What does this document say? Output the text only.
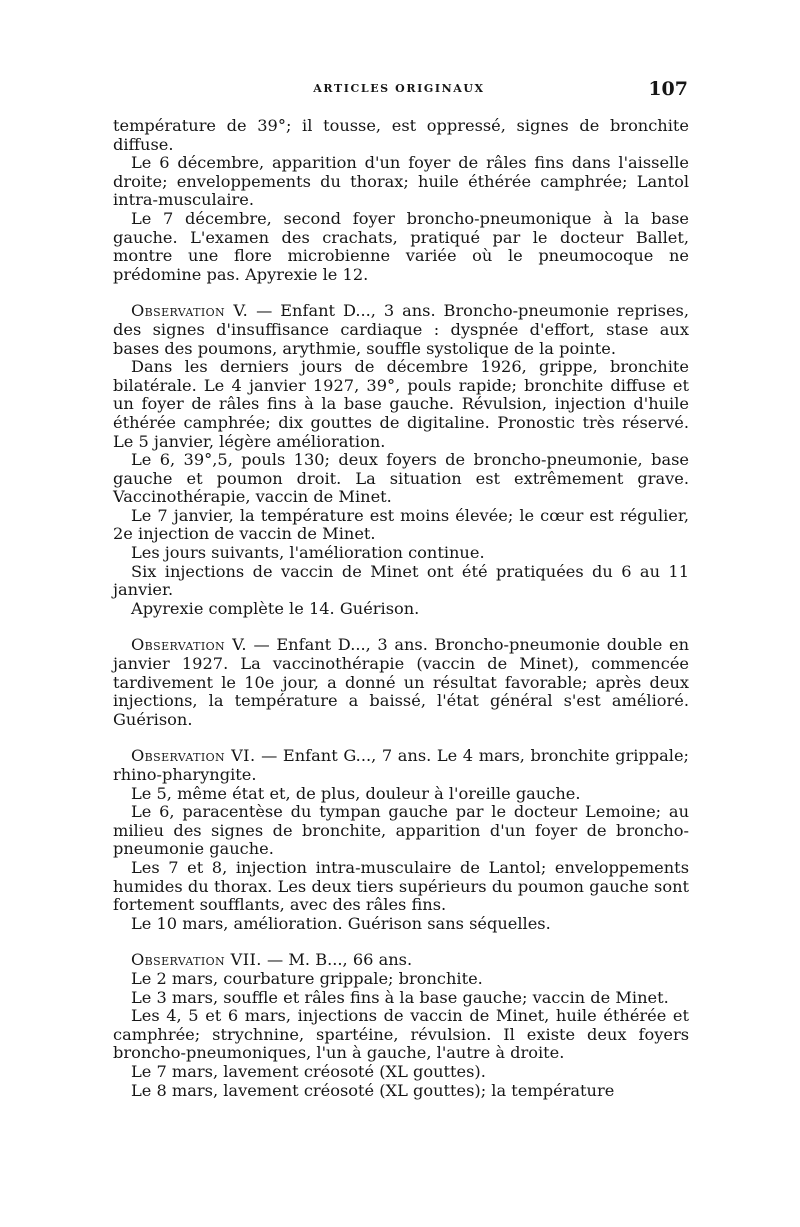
ARTICLES ORIGINAUX	107

température de 39°; il tousse, est oppressé, signes de bronchite diffuse.

Le 6 décembre, apparition d'un foyer de râles fins dans l'aisselle droite; enveloppements du thorax; huile éthérée camphrée; Lantol intra-musculaire.

Le 7 décembre, second foyer broncho-pneumonique à la base gauche. L'examen des crachats, pratiqué par le docteur Ballet, montre une flore microbienne variée où le pneumocoque ne prédomine pas. Apyrexie le 12.

Observation V. — Enfant D..., 3 ans. Broncho-pneumonie reprises, des signes d'insuffisance cardiaque : dyspnée d'effort, stase aux bases des poumons, arythmie, souffle systolique de la pointe.

Dans les derniers jours de décembre 1926, grippe, bronchite bilatérale. Le 4 janvier 1927, 39°, pouls rapide; bronchite diffuse et un foyer de râles fins à la base gauche. Révulsion, injection d'huile éthérée camphrée; dix gouttes de digitaline. Pronostic très réservé. Le 5 janvier, légère amélioration.

Le 6, 39°,5, pouls 130; deux foyers de broncho-pneumonie, base gauche et poumon droit. La situation est extrêmement grave. Vaccinothérapie, vaccin de Minet.

Le 7 janvier, la température est moins élevée; le cœur est régulier, 2e injection de vaccin de Minet.

Les jours suivants, l'amélioration continue.

Six injections de vaccin de Minet ont été pratiquées du 6 au 11 janvier.

Apyrexie complète le 14. Guérison.

Observation V. — Enfant D..., 3 ans. Broncho-pneumonie double en janvier 1927. La vaccinothérapie (vaccin de Minet), commencée tardivement le 10e jour, a donné un résultat favorable; après deux injections, la température a baissé, l'état général s'est amélioré. Guérison.

Observation VI. — Enfant G..., 7 ans. Le 4 mars, bronchite grippale; rhino-pharyngite.

Le 5, même état et, de plus, douleur à l'oreille gauche.

Le 6, paracentèse du tympan gauche par le docteur Lemoine; au milieu des signes de bronchite, apparition d'un foyer de broncho-pneumonie gauche.

Les 7 et 8, injection intra-musculaire de Lantol; enveloppements humides du thorax. Les deux tiers supérieurs du poumon gauche sont fortement soufflants, avec des râles fins.

Le 10 mars, amélioration. Guérison sans séquelles.

Observation VII. — M. B..., 66 ans.

Le 2 mars, courbature grippale; bronchite.

Le 3 mars, souffle et râles fins à la base gauche; vaccin de Minet.

Les 4, 5 et 6 mars, injections de vaccin de Minet, huile éthérée et camphrée; strychnine, spartéine, révulsion. Il existe deux foyers broncho-pneumoniques, l'un à gauche, l'autre à droite.

Le 7 mars, lavement créosoté (XL gouttes).

Le 8 mars, lavement créosoté (XL gouttes); la température
